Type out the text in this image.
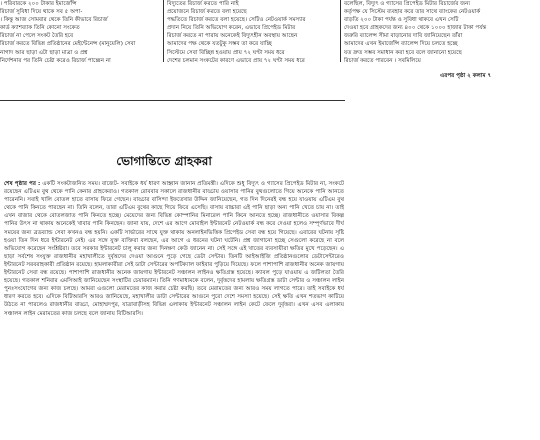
। পরিবারকে ২০০ টাকার ইমার্জেন্সি
রিচার্জ সুবিধা দিয়ে থাকে সব ৫ অপা-
। কিন্তু আজ সোমবার থেকে তিনি কীভাবে রিচার্জ
কার্ড ক্যাশব্যাক তিনি কোনো সংকেত
রিচার্জ না পেলে সংকট তৈরি হবে
রিচার্জ করতে বিভিন্ন প্রতিষ্ঠানের মেইন্টেনেন্স (মানুয়েলি) সেবা
নাগাদ আর ছাড়া এটা ছাড়া মাত্রা ও প্রশ্ন
নির্দেশনার পর তিনি চেষ্টা করেও রিচার্জ পাচ্ছেন না
বিদ্যুতের রিচার্জ করতে পারি নাই
প্রয়োজনে রিচার্জ করতে বলা হয়েছে
পদ্ধতিতে রিচার্জ করতে বলা হয়েছে। সেটিও নেটওয়ার্ক সমস্যার
প্রদান নিয়ে তিনি অভিযোগ করেন, এভাবে প্রিপেইড মিটার
রিচার্জ করতে না পারায় অনেকেই বিদ্যুৎহীন অবস্থায় আছেন
আমাদের পক্ষ থেকে যতটুকু সম্ভব তা করে যাচ্ছি
সিস্টেমে সেবা বিচ্ছিন্ন হওয়ায় প্রায় ৭২ ঘণ্টা সময় ধরে
দেশের চলমান সংকটের কারণে এভাবে প্রায় ৭২ ঘণ্টা সময় ধরে
বলেছিল, বিদ্যুৎ ও গ্যাসের প্রিপেইড মিটার রিচার্জের জন্য
কর্তৃপক্ষ যে সিস্টেম ব্যবহার করে তার সাথে ব্যাংকের নেটওয়ার্ক
বাড়তি ২০০ টাকা পর্যন্ত ও সুবিধা থাকবে এখন সেটি
দেওয়া হবে গ্রাহকদের জন্য ৪০০ থেকে ১০০০ হাজার টাকা পর্যন্ত
জরুরি ব্যালেন্স সীমা বাড়ানোর দাবি জানিয়েছেন তাঁরা
আমাদের এখন ইমার্জেন্সি ব্যালেন্স দিয়ে চলতে হচ্ছে
যত দ্রুত সম্ভব সমাধান করা হবে বলে জানানো হয়েছে
রিচার্জ করতে পারবেন । সবমিলিয়ে
এরপর পৃষ্ঠা ২ কলাম ৭
ভোগান্তিতে গ্রাহকরা
শেষ পৃষ্ঠার পর : একটি সংকটাজনিত সময়। বাজেট- সবাইকে ধর্য ধারণ আহ্বান জানান প্রতিমন্ত্রী। এদিকে শুধু বিদ্যুৎ ও গ্যাসের প্রিপেইড মিটার না, সংকটে রয়েছেন এটিএম বুথ থেকে পানি কেনার গ্রাহকেরাও। গতকাল রোববার সকালে রাজধানীর বাড্ডায় ওয়াসার পানির বুথগুলোতে গিয়ে অনেকে পানি আনতে পারেননি। সবাই খালি বোতল হাতে বাসায় ফিরে গেছেন। বাড্ডার বাসিন্দা ইফতেখার উদ্দিন জানিয়েছেন, গত দিন দিনেরই বন্ধ হয়ে যাওয়ায় এটিএম বুথ থেকে পানি কিনতে পারছেন না। তিনি বলেন, তারা এটিএম বুথের কাছে গিয়ে ফিরে এসেছি। বাসায় বাচ্চারা এই পানি ছাড়া অন্য পানি খেতে চায় না। তাই এখন বাজার থেকে বোতলজাত পানি কিনতে হচ্ছে। মেয়েদের জন্য বিভিন্ন কোম্পানির মিনারেল পানি কিনে আনতে হচ্ছে। রাজধানীতে ওয়াসার বিকল্প পানির উৎস না থাকায় অনেকেই খাবার পানি কিনছেন। জানা যায়, দেশে এর আগে মোবাইল ইন্টারনেট নেটওয়ার্ক বন্ধ করে দেওয়া হলেও সম্পূর্ণভাবে দীর্ঘ সময়ের জন্য ব্রডব্যান্ড সেবা কখনও বন্ধ হয়নি। একটি সার্ভারের সাথে যুক্ত থাকায় অনলাইনভিত্তিক প্রিপেইড সেবা বন্ধ হয়ে গিয়েছে। এবারের ঘটনায় সৃষ্টি হওয়া তিন দিন ধরে ইন্টারনেট নেই। এর সঙ্গে যুক্ত ব্যক্তিরা বলছেন, এর আগে এ ধরনের ঘটনা ঘটেনি। প্রশ্ন জাগানো হচ্ছে সেগুলো করেছে না বলে অভিযোগ করেছেন সংশ্লিষ্টরা। তবে সরকার ইন্টারনেট চালু করার জন্য দিনক্ষণ কেউ জানেন না। সেই সঙ্গে এই খাতের ব্যবসায়ীরা ক্ষতির মুখে পড়েছেন। এ ছাড়া সর্বশেষ সংযুক্ত রাজধানীর মহাখালীতে দুর্বৃত্তদের দেওয়া আগুনে পুড়ে গেছে ডেটা সেন্টার। তিনটি আইআইজি প্রতিষ্ঠানগুলোর ডেটাসেন্টারেও ইন্টারনেট সরবরাহকারী প্রতিষ্ঠান রয়েছে। হামলাকারীরা সেই ডাটা সেন্টারের অপটিক্যাল ফাইবার পুড়িয়ে দিয়েছে। ফলে পাশাপাশি রাজধানীর অনেক জায়গায় ইন্টারনেট সেবা বন্ধ রয়েছে। পাশাপাশি রাজধানীর অনেক জায়গায় ইন্টারনেট সঞ্চালন লাইনও ক্ষতিগ্রস্ত হয়েছে। ক্যাবল পুড়ে যাওয়ায় এ জটিলতা তৈরি হয়েছে। গতকাল শনিবার এমসিআই জানিয়েছেন সংস্থাটির চেয়ারম্যান। তিনি গণমাধ্যমকে বলেন, দুর্বৃত্তদের হামলায় ক্ষতিগ্রস্ত ডাটা সেন্টার ও সঞ্চালন লাইন পুনঃসংযোগের জন্য কাজ চলছে। আমরা এগুলো মেরামতের কাজ করার চেষ্টা করছি। তবে মেরামতের জন্য আরও সময় লাগতে পারে। তাই সবাইকে ধর্য ধারণ করতে হবে। এদিকে বিটিআরসি আরও জানিয়েছে, মহাখালীর ডাটা সেন্টারের আগুনে পুরো দেশে সমস্যা হয়েছে। সেই ক্ষতি এখন শতভাগ কাটিয়ে উঠতে না পারলেও রাজধানীর বাড্ডা, মোহাম্মদপুর, যাত্রাবাড়ীসহ বিভিন্ন এলাকায় ইন্টারনেট সঞ্চালন লাইন কেটে ফেলে দুর্বৃত্তরা। এখন এসব এলাকায় সঞ্চালন লাইন মেরামতের কাজ চলছে বলে জানায় বিটিআরসি।
